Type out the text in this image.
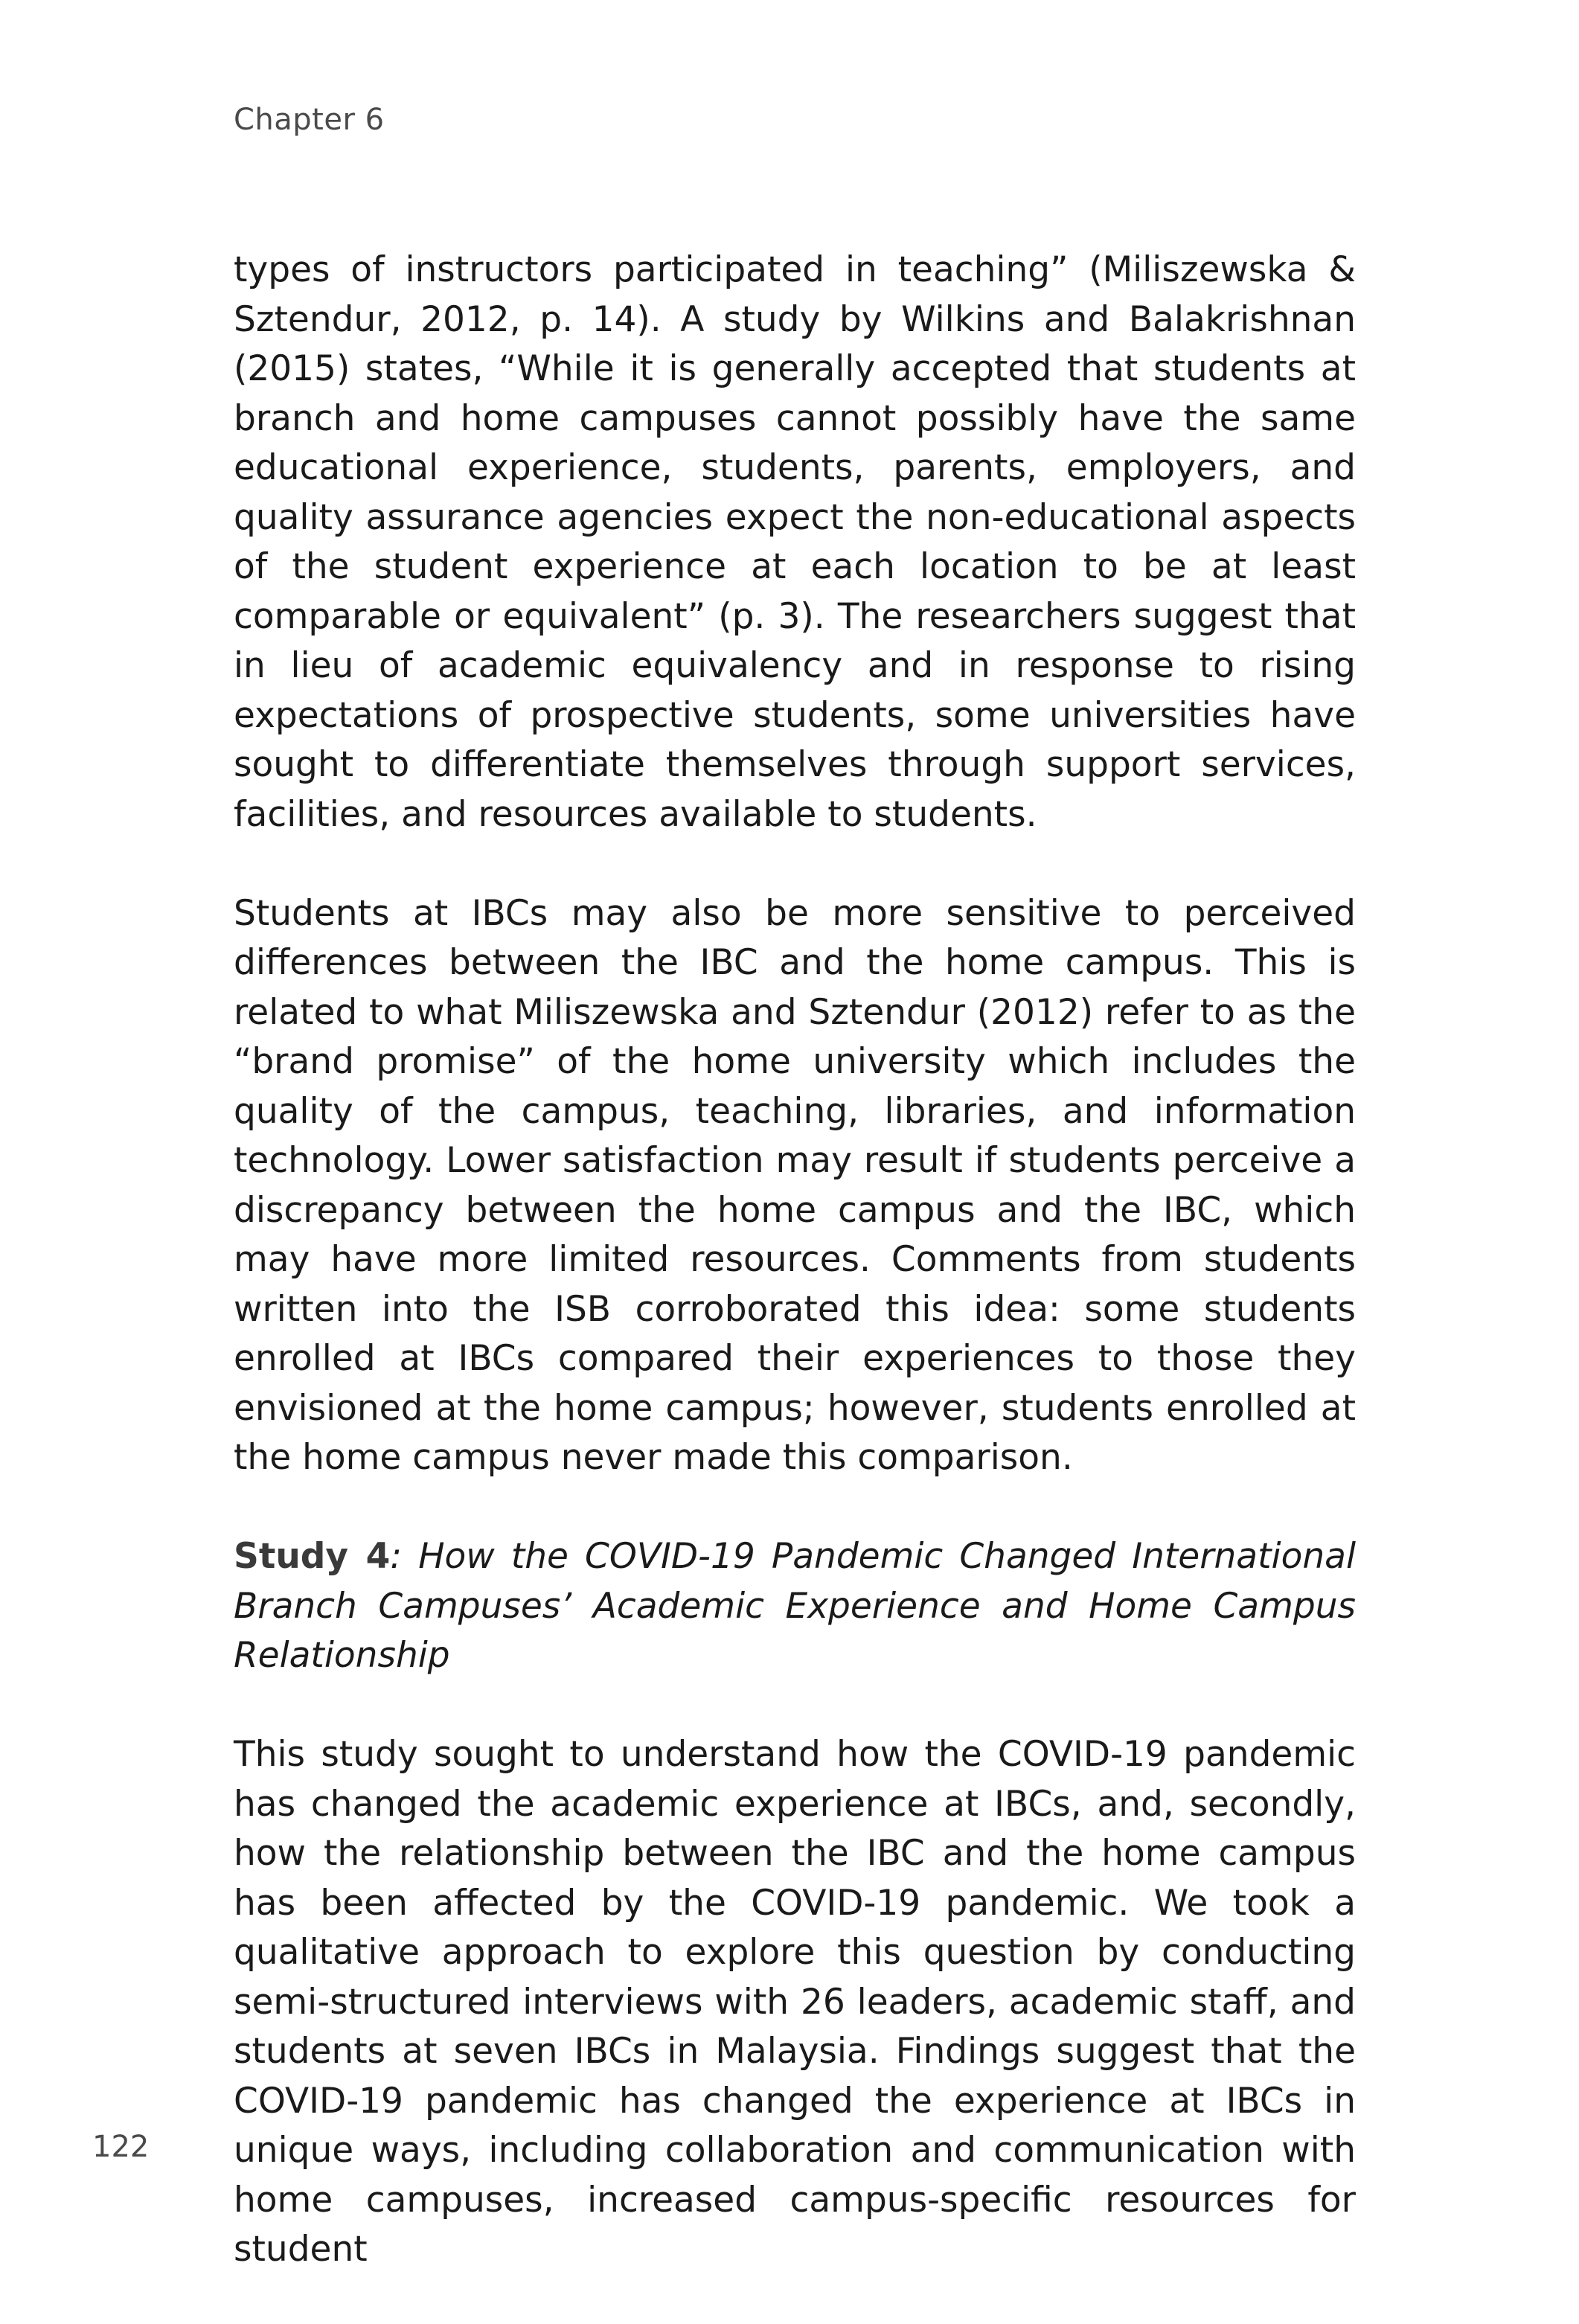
Chapter 6

types of instructors participated in teaching” (Miliszewska & Sztendur, 2012, p. 14). A study by Wilkins and Balakrishnan (2015) states, “While it is generally accepted that students at branch and home campuses cannot possibly have the same educational experience, students, parents, employers, and quality assurance agencies expect the non-educational aspects of the student experience at each location to be at least comparable or equivalent” (p. 3). The researchers suggest that in lieu of academic equivalency and in response to rising expectations of prospective students, some universities have sought to differentiate themselves through support services, facilities, and resources available to students.

Students at IBCs may also be more sensitive to perceived differences between the IBC and the home campus. This is related to what Miliszewska and Sztendur (2012) refer to as the “brand promise” of the home university which includes the quality of the campus, teaching, libraries, and information technology. Lower satisfaction may result if students perceive a discrepancy between the home campus and the IBC, which may have more limited resources. Comments from students written into the ISB corroborated this idea: some students enrolled at IBCs compared their experiences to those they envisioned at the home campus; however, students enrolled at the home campus never made this comparison.

Study 4: How the COVID-19 Pandemic Changed International Branch Campuses’ Academic Experience and Home Campus Relationship

This study sought to understand how the COVID-19 pandemic has changed the academic experience at IBCs, and, secondly, how the relationship between the IBC and the home campus has been affected by the COVID-19 pandemic. We took a qualitative approach to explore this question by conducting semi-structured interviews with 26 leaders, academic staff, and students at seven IBCs in Malaysia. Findings suggest that the COVID-19 pandemic has changed the experience at IBCs in unique ways, including collaboration and communication with home campuses, increased campus-specific resources for student

122
